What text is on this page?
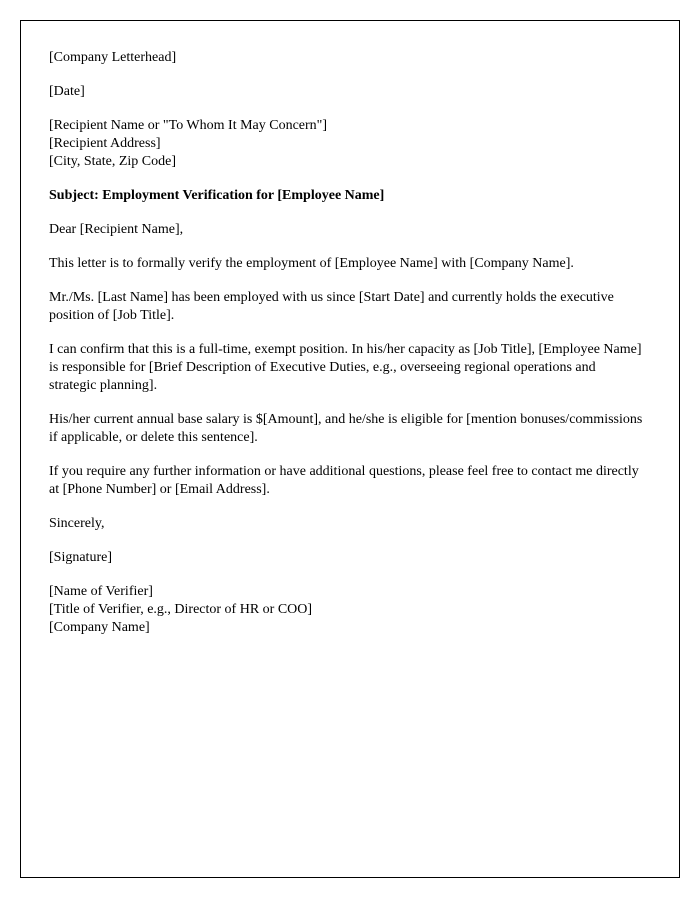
[Company Letterhead]

[Date]

[Recipient Name or "To Whom It May Concern"]
[Recipient Address]
[City, State, Zip Code]

Subject: Employment Verification for [Employee Name]

Dear [Recipient Name],

This letter is to formally verify the employment of [Employee Name] with [Company Name].

Mr./Ms. [Last Name] has been employed with us since [Start Date] and currently holds the executive position of [Job Title].

I can confirm that this is a full-time, exempt position. In his/her capacity as [Job Title], [Employee Name] is responsible for [Brief Description of Executive Duties, e.g., overseeing regional operations and strategic planning].

His/her current annual base salary is $[Amount], and he/she is eligible for [mention bonuses/commissions if applicable, or delete this sentence].

If you require any further information or have additional questions, please feel free to contact me directly at [Phone Number] or [Email Address].

Sincerely,

[Signature]

[Name of Verifier]
[Title of Verifier, e.g., Director of HR or COO]
[Company Name]
